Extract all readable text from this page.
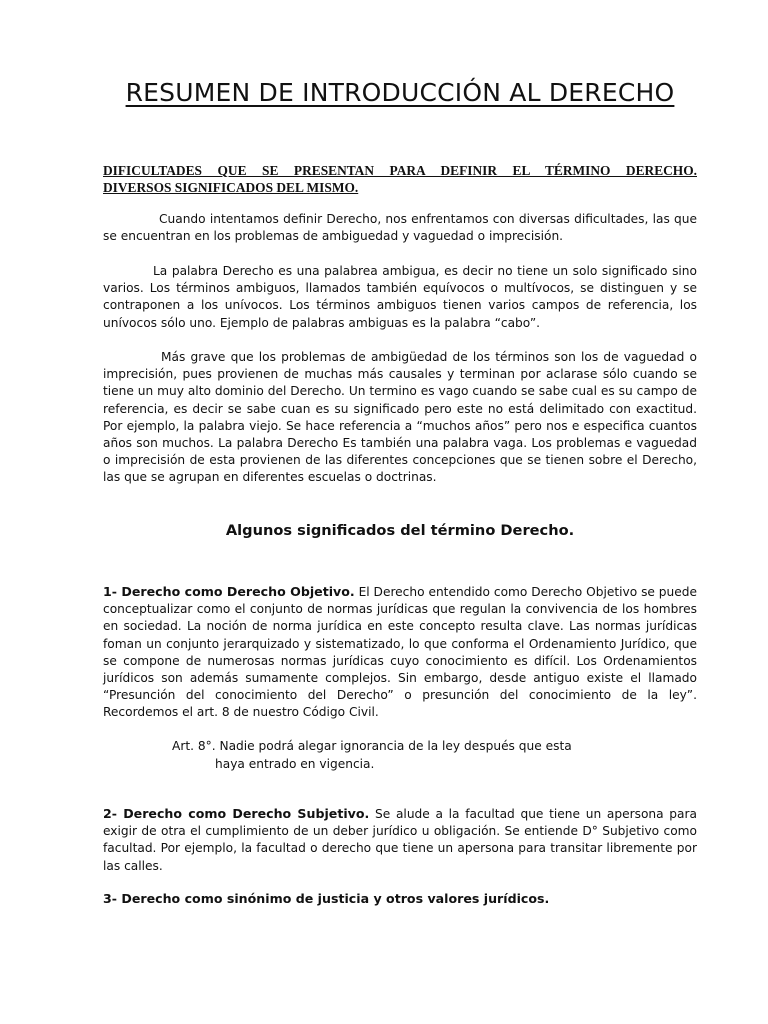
RESUMEN DE INTRODUCCIÓN AL DERECHO

DIFICULTADES QUE SE PRESENTAN PARA DEFINIR EL TÉRMINO DERECHO.
DIVERSOS SIGNIFICADOS DEL MISMO.

Cuando intentamos definir Derecho, nos enfrentamos con diversas dificultades, las que se encuentran en los problemas de ambiguedad y vaguedad o imprecisión.

La palabra Derecho es una palabrea ambigua, es decir no tiene un solo significado sino varios. Los términos ambiguos, llamados también equívocos o multívocos, se distinguen y se contraponen a los unívocos. Los términos ambiguos tienen varios campos de referencia, los unívocos sólo uno. Ejemplo de palabras ambiguas es la palabra “cabo”.

Más grave que los problemas de ambigüedad de los términos son los de vaguedad o imprecisión, pues provienen de muchas más causales y terminan por aclarase sólo cuando se tiene un muy alto dominio del Derecho. Un termino es vago cuando se sabe cual es su campo de referencia, es decir se sabe cuan es su significado pero este no está delimitado con exactitud. Por ejemplo, la palabra viejo. Se hace referencia a “muchos años” pero nos e especifica cuantos años son muchos. La palabra Derecho Es también una palabra vaga. Los problemas e vaguedad o imprecisión de esta provienen de las diferentes concepciones que se tienen sobre el Derecho, las que se agrupan en diferentes escuelas o doctrinas.

Algunos significados del término Derecho.

1- Derecho como Derecho Objetivo. El Derecho entendido como Derecho Objetivo se puede conceptualizar como el conjunto de normas jurídicas que regulan la convivencia de los hombres en sociedad. La noción de norma jurídica en este concepto resulta clave. Las normas jurídicas foman un conjunto jerarquizado y sistematizado, lo que conforma el Ordenamiento Jurídico, que se compone de numerosas normas jurídicas cuyo conocimiento es difícil. Los Ordenamientos jurídicos son además sumamente complejos. Sin embargo, desde antiguo existe el llamado “Presunción del conocimiento del Derecho” o presunción del conocimiento de la ley”. Recordemos el art. 8 de nuestro Código Civil.

Art. 8°. Nadie podrá alegar ignorancia de la ley después que esta
haya entrado en vigencia.

2- Derecho como Derecho Subjetivo. Se alude a la facultad que tiene un apersona para exigir de otra el cumplimiento de un deber jurídico u obligación. Se entiende D° Subjetivo como facultad. Por ejemplo, la facultad o derecho que tiene un apersona para transitar libremente por las calles.

3- Derecho como sinónimo de justicia y otros valores jurídicos.
